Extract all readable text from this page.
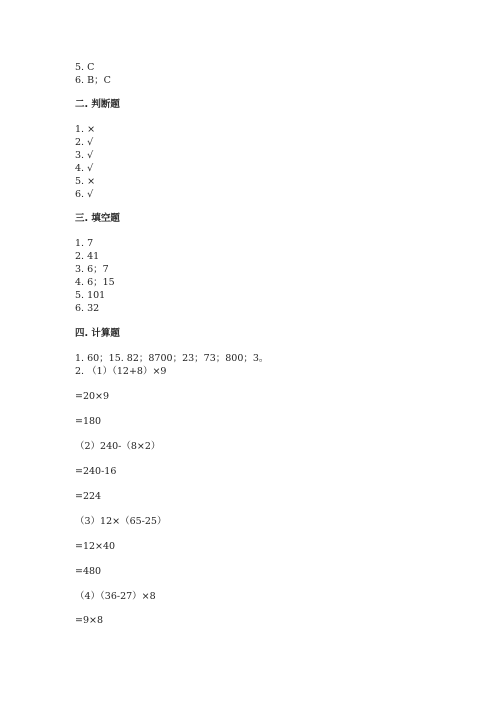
5. C
6. B；C
二. 判断题
1. ×
2. √
3. √
4. √
5. ×
6. √
三. 填空题
1. 7
2. 41
3. 6；7
4. 6；15
5. 101
6. 32
四. 计算题
1. 60；15. 82；8700；23；73；800；3。
2. （1）（12+8）×9
=20×9
=180
（2）240-（8×2）
=240-16
=224
（3）12×（65-25）
=12×40
=480
（4）（36-27）×8
=9×8
